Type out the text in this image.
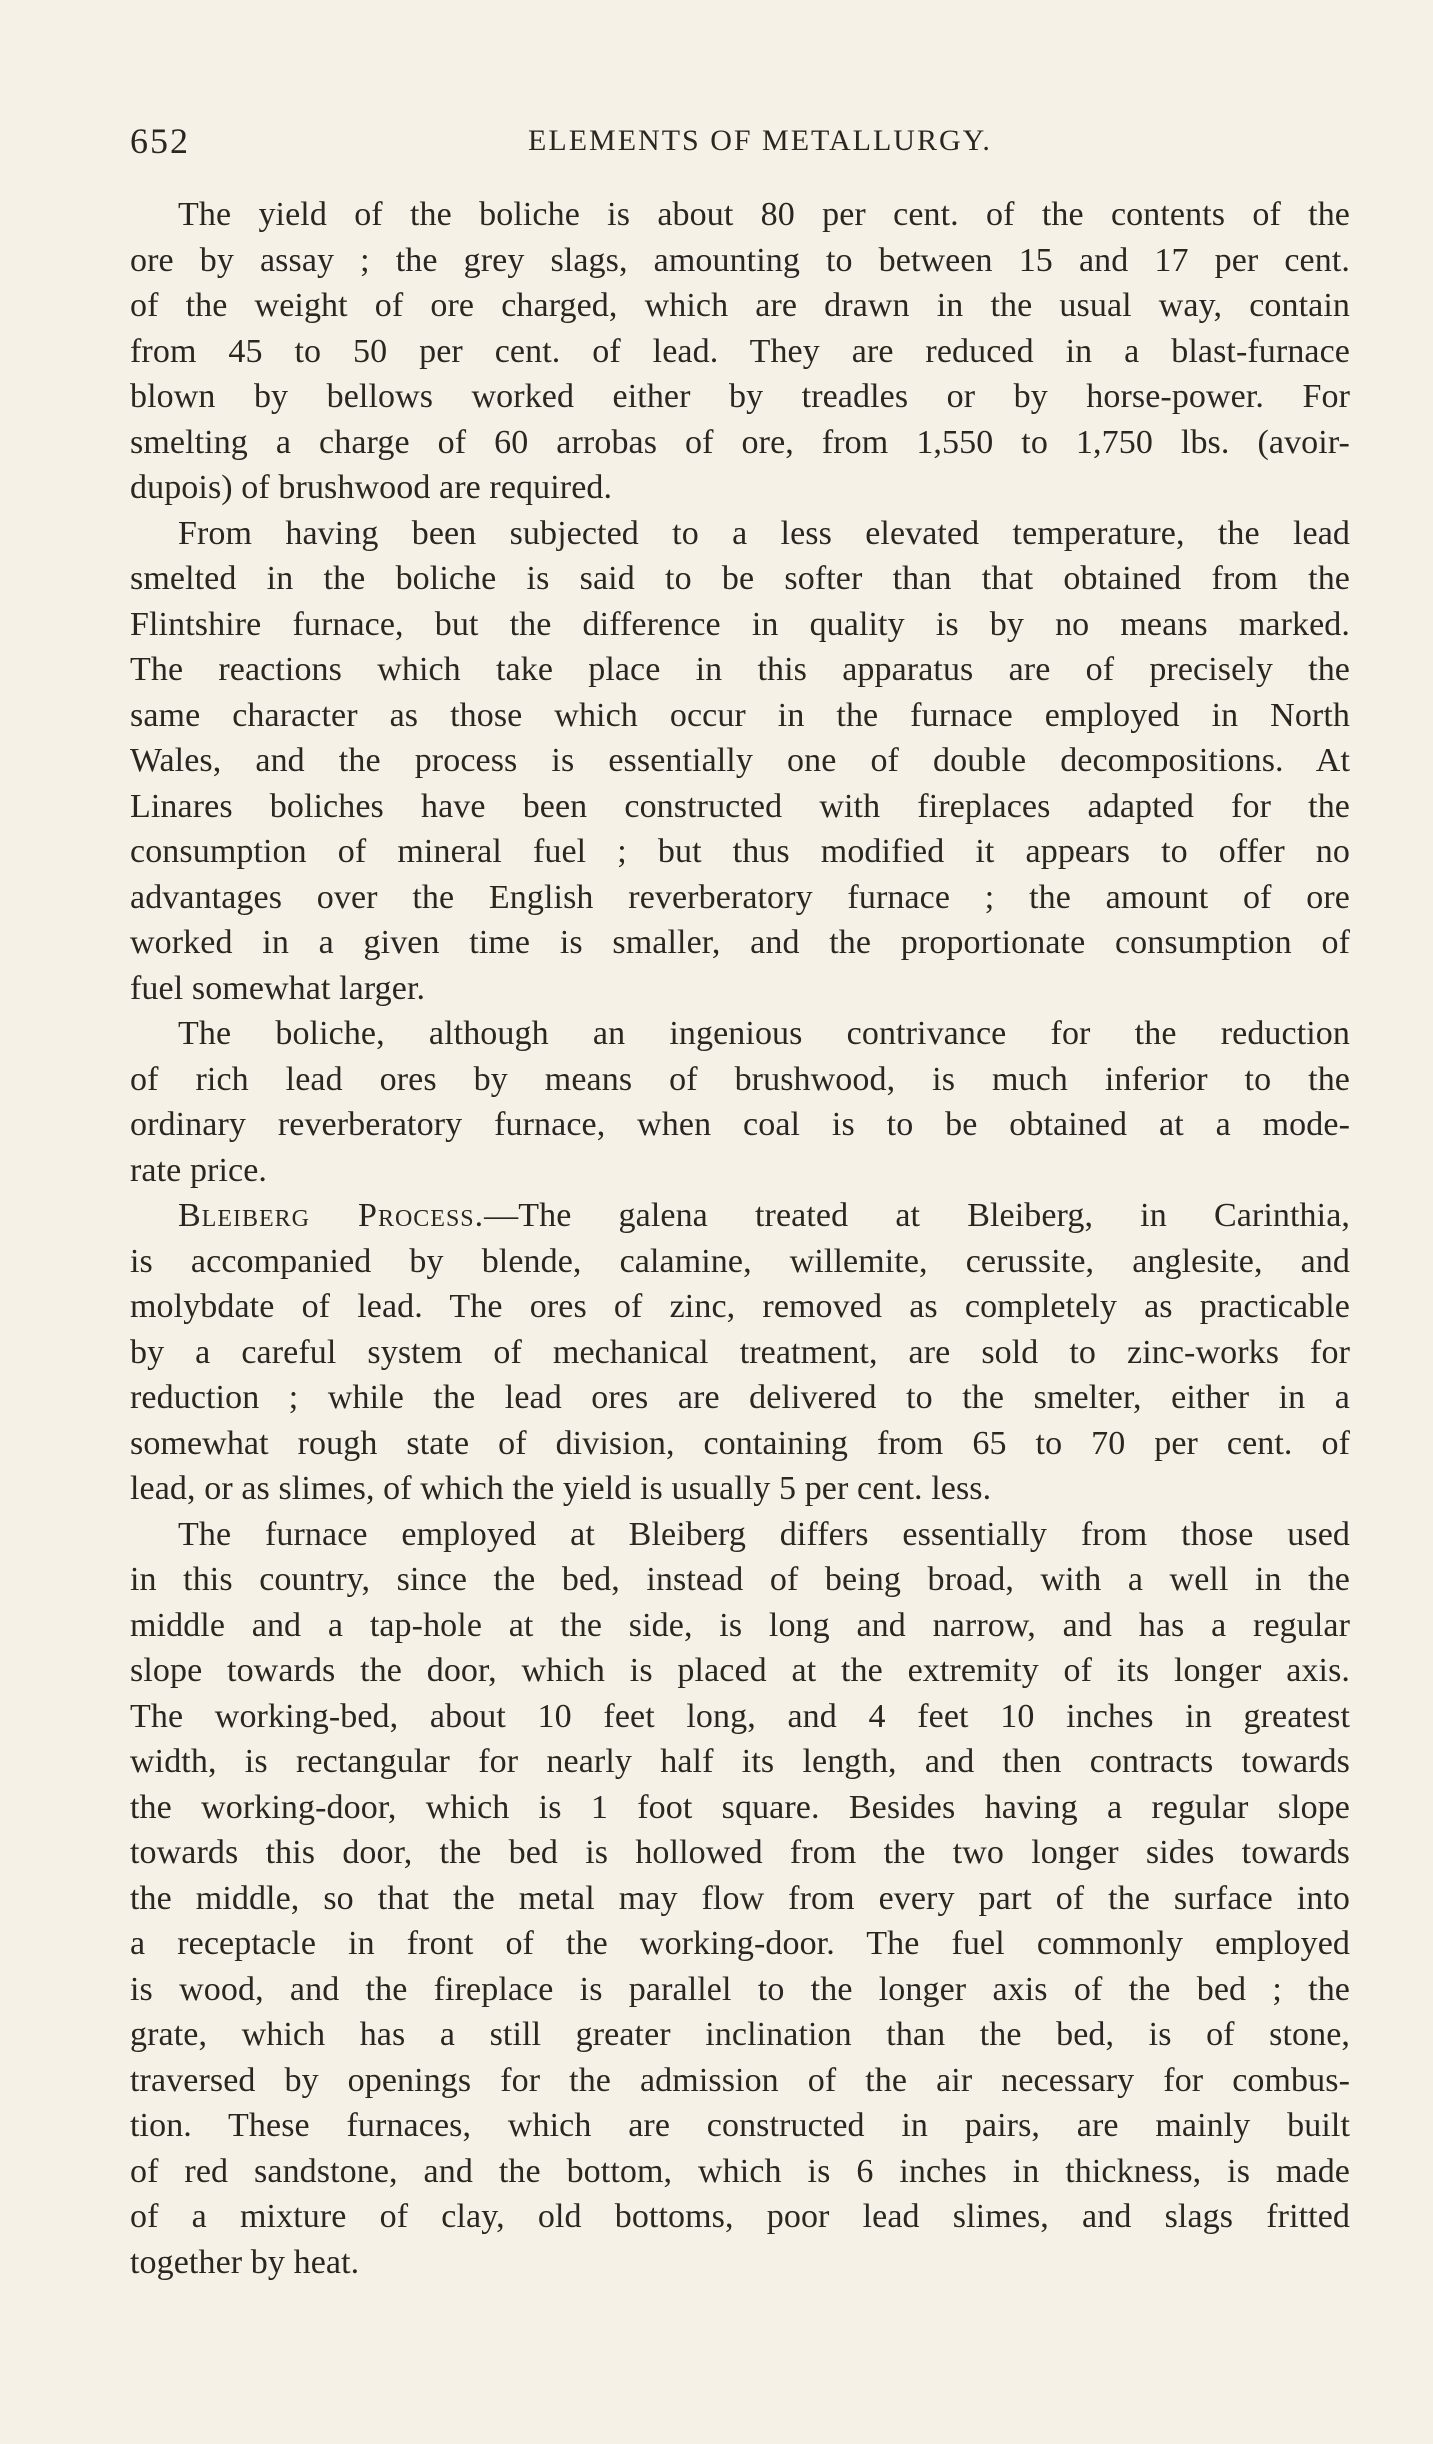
652	ELEMENTS OF METALLURGY.
The yield of the boliche is about 80 per cent. of the contents of the
ore by assay ; the grey slags, amounting to between 15 and 17 per cent.
of the weight of ore charged, which are drawn in the usual way, contain
from 45 to 50 per cent. of lead. They are reduced in a blast-furnace
blown by bellows worked either by treadles or by horse-power. For
smelting a charge of 60 arrobas of ore, from 1,550 to 1,750 lbs. (avoir-
dupois) of brushwood are required.
From having been subjected to a less elevated temperature, the lead
smelted in the boliche is said to be softer than that obtained from the
Flintshire furnace, but the difference in quality is by no means marked.
The reactions which take place in this apparatus are of precisely the
same character as those which occur in the furnace employed in North
Wales, and the process is essentially one of double decompositions. At
Linares boliches have been constructed with fireplaces adapted for the
consumption of mineral fuel ; but thus modified it appears to offer no
advantages over the English reverberatory furnace ; the amount of ore
worked in a given time is smaller, and the proportionate consumption of
fuel somewhat larger.
The boliche, although an ingenious contrivance for the reduction
of rich lead ores by means of brushwood, is much inferior to the
ordinary reverberatory furnace, when coal is to be obtained at a mode-
rate price.
Bleiberg Process.—The galena treated at Bleiberg, in Carinthia,
is accompanied by blende, calamine, willemite, cerussite, anglesite, and
molybdate of lead. The ores of zinc, removed as completely as practicable
by a careful system of mechanical treatment, are sold to zinc-works for
reduction ; while the lead ores are delivered to the smelter, either in a
somewhat rough state of division, containing from 65 to 70 per cent. of
lead, or as slimes, of which the yield is usually 5 per cent. less.
The furnace employed at Bleiberg differs essentially from those used
in this country, since the bed, instead of being broad, with a well in the
middle and a tap-hole at the side, is long and narrow, and has a regular
slope towards the door, which is placed at the extremity of its longer axis.
The working-bed, about 10 feet long, and 4 feet 10 inches in greatest
width, is rectangular for nearly half its length, and then contracts towards
the working-door, which is 1 foot square. Besides having a regular slope
towards this door, the bed is hollowed from the two longer sides towards
the middle, so that the metal may flow from every part of the surface into
a receptacle in front of the working-door. The fuel commonly employed
is wood, and the fireplace is parallel to the longer axis of the bed ; the
grate, which has a still greater inclination than the bed, is of stone,
traversed by openings for the admission of the air necessary for combus-
tion. These furnaces, which are constructed in pairs, are mainly built
of red sandstone, and the bottom, which is 6 inches in thickness, is made
of a mixture of clay, old bottoms, poor lead slimes, and slags fritted
together by heat.
